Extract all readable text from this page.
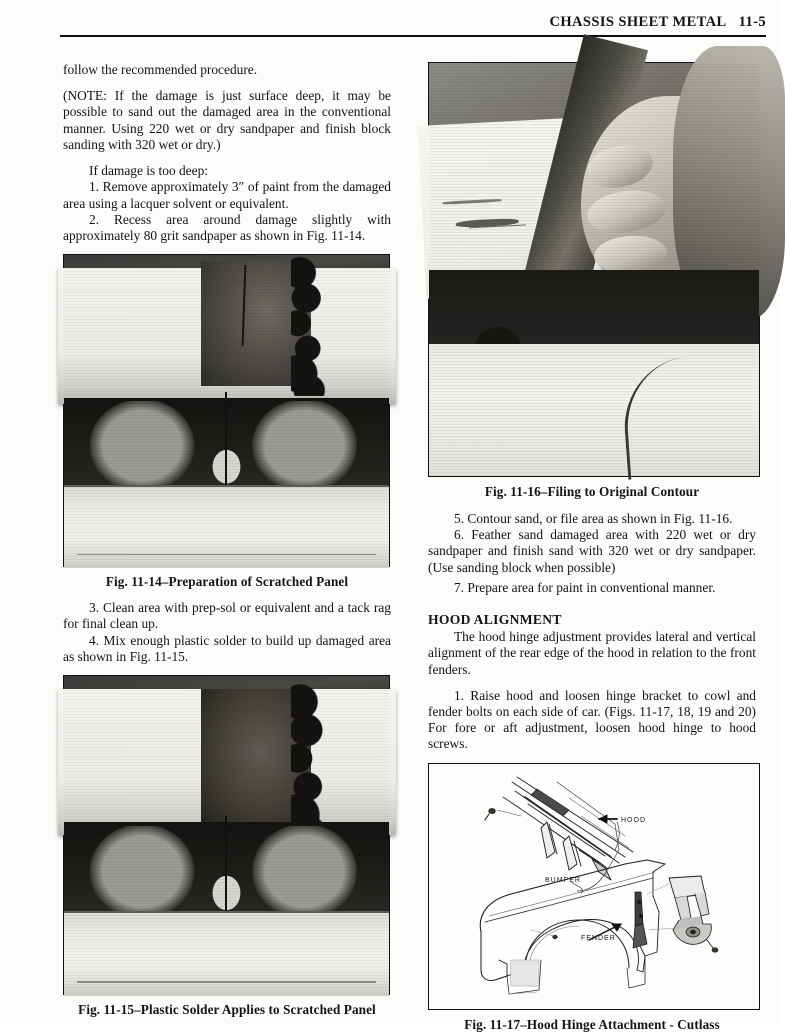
CHASSIS SHEET METAL 11-5

follow the recommended procedure.

(NOTE: If the damage is just surface deep, it may be possible to sand out the damaged area in the conventional manner. Using 220 wet or dry sandpaper and finish block sanding with 320 wet or dry.)

If damage is too deep:

1. Remove approximately 3″ of paint from the damaged area using a lacquer solvent or equivalent.

2. Recess area around damage slightly with approximately 80 grit sandpaper as shown in Fig. 11-14.

Fig. 11-14–Preparation of Scratched Panel

3. Clean area with prep-sol or equivalent and a tack rag for final clean up.

4. Mix enough plastic solder to build up damaged area as shown in Fig. 11-15.

Fig. 11-15–Plastic Solder Applies to Scratched Panel

Fig. 11-16–Filing to Original Contour

5. Contour sand, or file area as shown in Fig. 11-16.

6. Feather sand damaged area with 220 wet or dry sandpaper and finish sand with 320 wet or dry sandpaper. (Use sanding block when possible)

7. Prepare area for paint in conventional manner.

HOOD ALIGNMENT

The hood hinge adjustment provides lateral and vertical alignment of the rear edge of the hood in relation to the front fenders.

1. Raise hood and loosen hinge bracket to cowl and fender bolts on each side of car. (Figs. 11-17, 18, 19 and 20) For fore or aft adjustment, loosen hood hinge to hood screws.

HOOD
BUMPER
FENDER

Fig. 11-17–Hood Hinge Attachment - Cutlass
